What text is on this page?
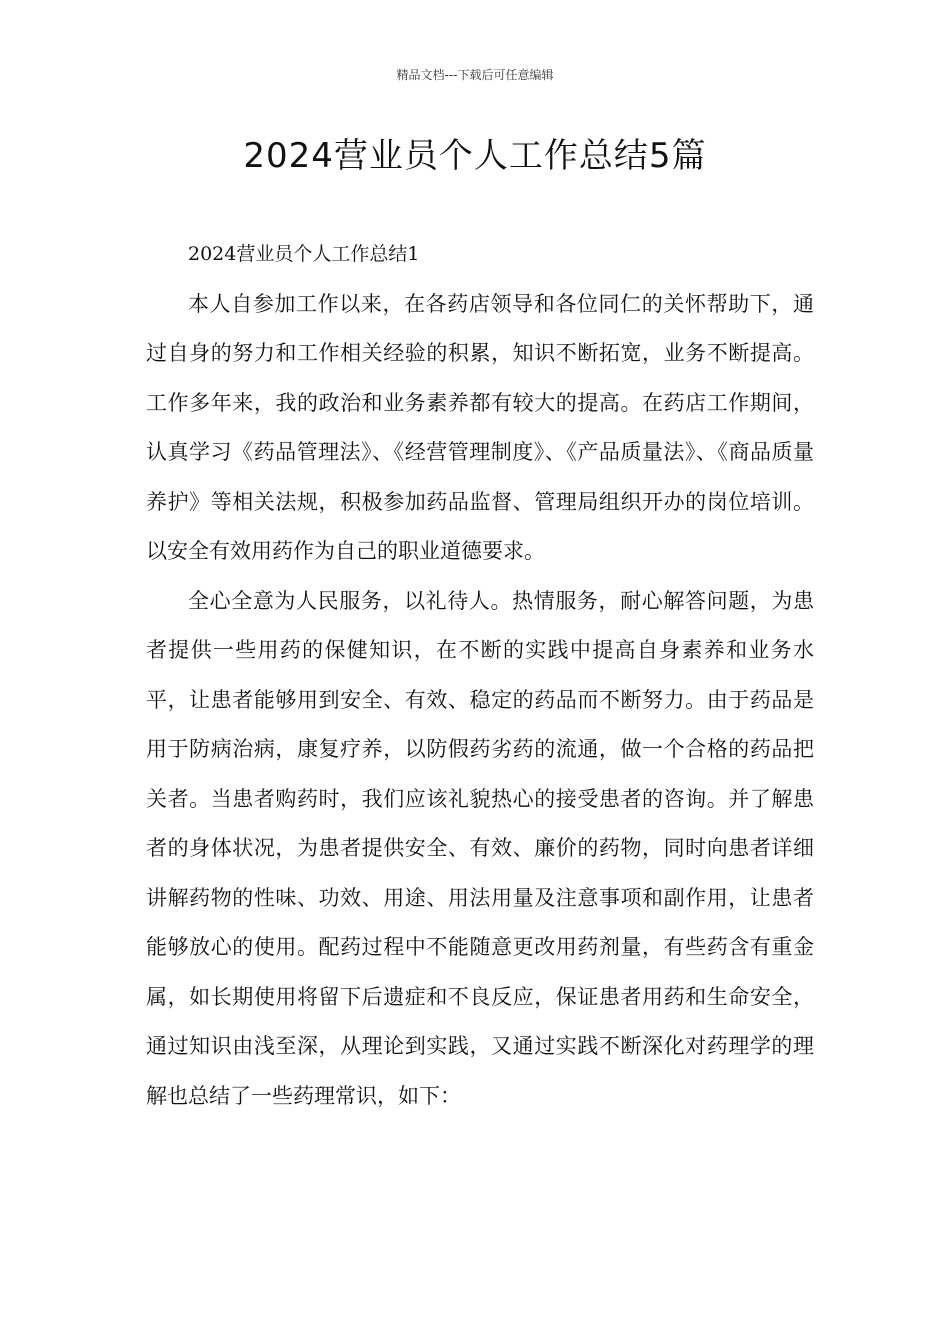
精品文档---下载后可任意编辑
2024营业员个人工作总结5篇

2024营业员个人工作总结1

本人自参加工作以来，在各药店领导和各位同仁的关怀帮助下，通过自身的努力和工作相关经验的积累，知识不断拓宽，业务不断提高。工作多年来，我的政治和业务素养都有较大的提高。在药店工作期间，认真学习《药品管理法》、《经营管理制度》、《产品质量法》、《商品质量养护》等相关法规，积极参加药品监督、管理局组织开办的岗位培训。以安全有效用药作为自己的职业道德要求。

全心全意为人民服务，以礼待人。热情服务，耐心解答问题，为患者提供一些用药的保健知识，在不断的实践中提高自身素养和业务水平，让患者能够用到安全、有效、稳定的药品而不断努力。由于药品是用于防病治病，康复疗养，以防假药劣药的流通，做一个合格的药品把关者。当患者购药时，我们应该礼貌热心的接受患者的咨询。并了解患者的身体状况，为患者提供安全、有效、廉价的药物，同时向患者详细讲解药物的性味、功效、用途、用法用量及注意事项和副作用，让患者能够放心的使用。配药过程中不能随意更改用药剂量，有些药含有重金属，如长期使用将留下后遗症和不良反应，保证患者用药和生命安全，通过知识由浅至深，从理论到实践，又通过实践不断深化对药理学的理解也总结了一些药理常识，如下：
